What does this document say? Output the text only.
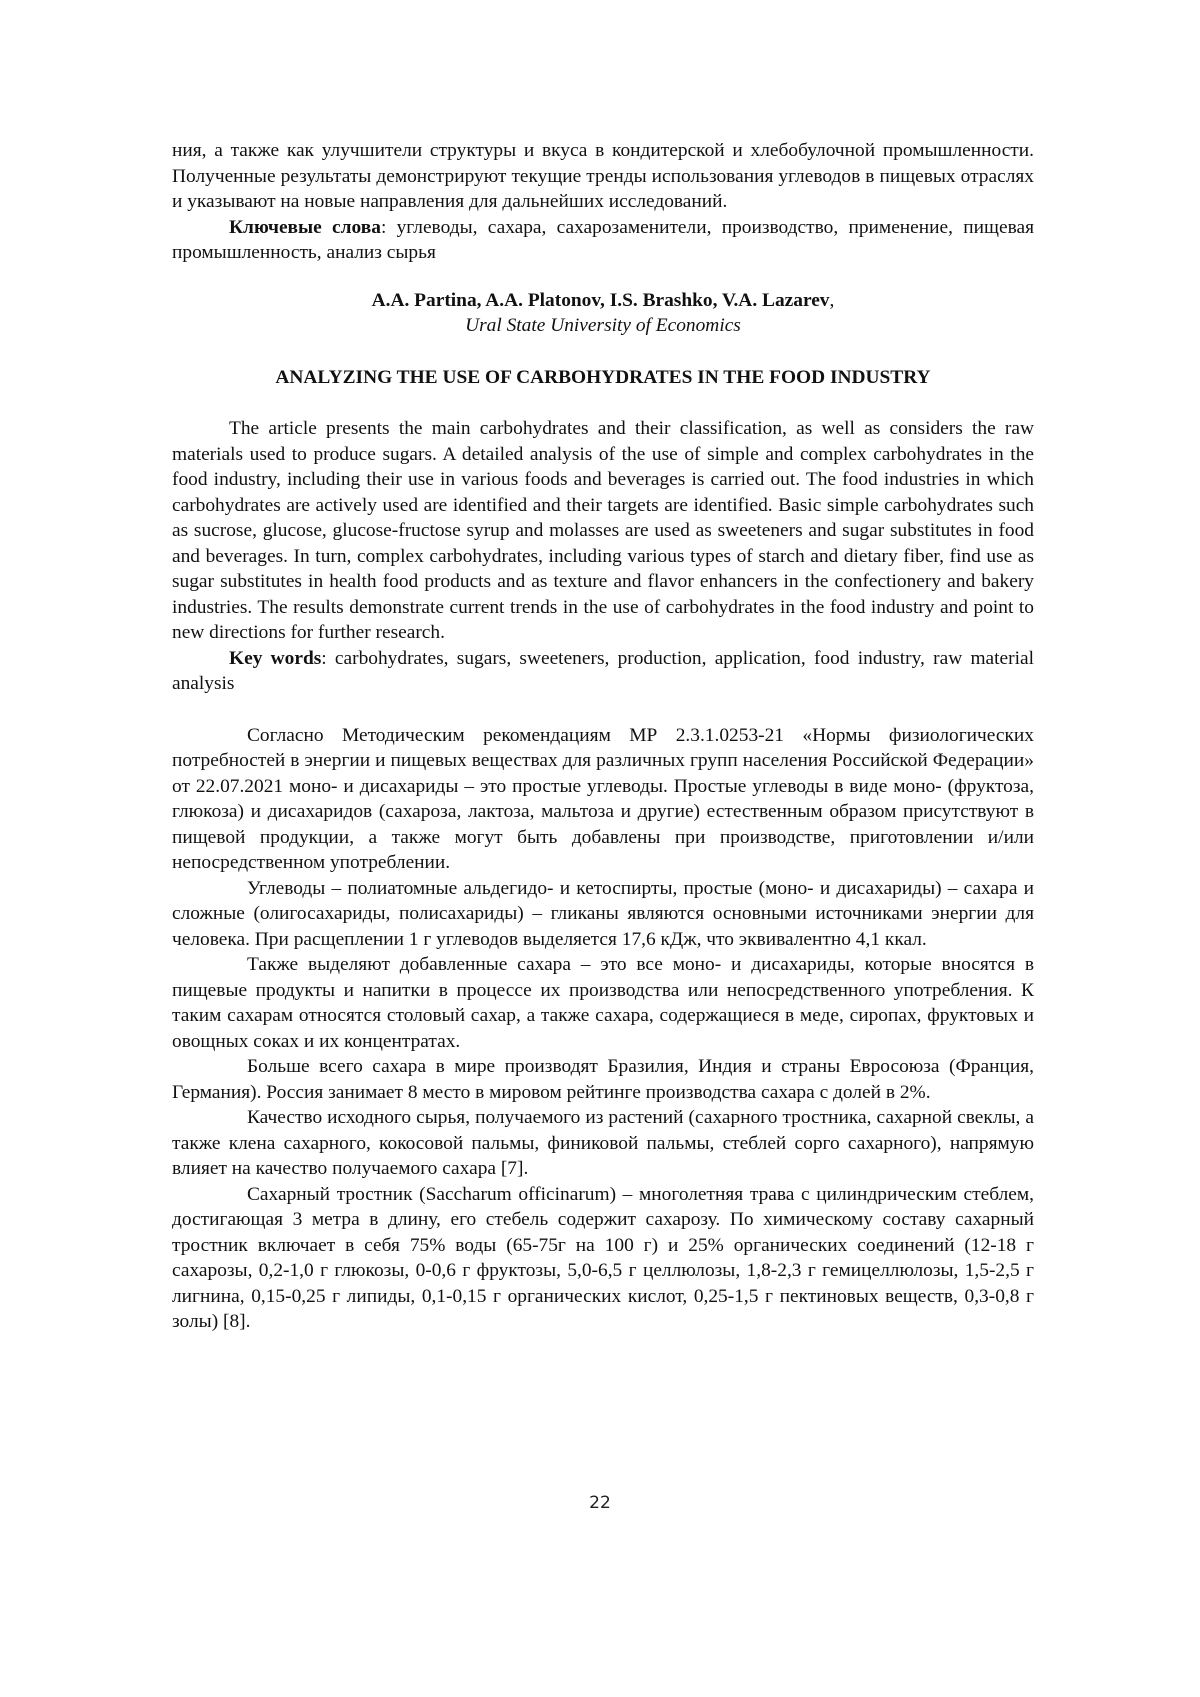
ния, а также как улучшители структуры и вкуса в кондитерской и хлебобулочной промышленности. Полученные результаты демонстрируют текущие тренды использования углеводов в пищевых отраслях и указывают на новые направления для дальнейших исследований.

Ключевые слова: углеводы, сахара, сахарозаменители, производство, применение, пищевая промышленность, анализ сырья

A.A. Partina, A.A. Platonov, I.S. Brashko, V.A. Lazarev,

Ural State University of Economics

ANALYZING THE USE OF CARBOHYDRATES IN THE FOOD INDUSTRY

The article presents the main carbohydrates and their classification, as well as considers the raw materials used to produce sugars. A detailed analysis of the use of simple and complex carbohydrates in the food industry, including their use in various foods and beverages is carried out. The food industries in which carbohydrates are actively used are identified and their targets are identified. Basic simple carbohydrates such as sucrose, glucose, glucose-fructose syrup and molasses are used as sweeteners and sugar substitutes in food and beverages. In turn, complex carbohydrates, including various types of starch and dietary fiber, find use as sugar substitutes in health food products and as texture and flavor enhancers in the confectionery and bakery industries. The results demonstrate current trends in the use of carbohydrates in the food industry and point to new directions for further research.

Key words: carbohydrates, sugars, sweeteners, production, application, food industry, raw material analysis

Согласно Методическим рекомендациям МР 2.3.1.0253-21 «Нормы физиологических потребностей в энергии и пищевых веществах для различных групп населения Российской Федерации» от 22.07.2021 моно- и дисахариды – это простые углеводы. Простые углеводы в виде моно- (фруктоза, глюкоза) и дисахаридов (сахароза, лактоза, мальтоза и другие) естественным образом присутствуют в пищевой продукции, а также могут быть добавлены при производстве, приготовлении и/или непосредственном употреблении.

Углеводы – полиатомные альдегидо- и кетоспирты, простые (моно- и дисахариды) – сахара и сложные (олигосахариды, полисахариды) – гликаны являются основными источниками энергии для человека. При расщеплении 1 г углеводов выделяется 17,6 кДж, что эквивалентно 4,1 ккал.

Также выделяют добавленные сахара – это все моно- и дисахариды, которые вносятся в пищевые продукты и напитки в процессе их производства или непосредственного употребления. К таким сахарам относятся столовый сахар, а также сахара, содержащиеся в меде, сиропах, фруктовых и овощных соках и их концентратах.

Больше всего сахара в мире производят Бразилия, Индия и страны Евросоюза (Франция, Германия). Россия занимает 8 место в мировом рейтинге производства сахара с долей в 2%.

Качество исходного сырья, получаемого из растений (сахарного тростника, сахарной свеклы, а также клена сахарного, кокосовой пальмы, финиковой пальмы, стеблей сорго сахарного), напрямую влияет на качество получаемого сахара [7].

Сахарный тростник (Saccharum officinarum) – многолетняя трава с цилиндрическим стеблем, достигающая 3 метра в длину, его стебель содержит сахарозу. По химическому составу сахарный тростник включает в себя 75% воды (65-75г на 100 г) и 25% органических соединений (12-18 г сахарозы, 0,2-1,0 г глюкозы, 0-0,6 г фруктозы, 5,0-6,5 г целлюлозы, 1,8-2,3 г гемицеллюлозы, 1,5-2,5 г лигнина, 0,15-0,25 г липиды, 0,1-0,15 г органических кислот, 0,25-1,5 г пектиновых веществ, 0,3-0,8 г золы) [8].

22
